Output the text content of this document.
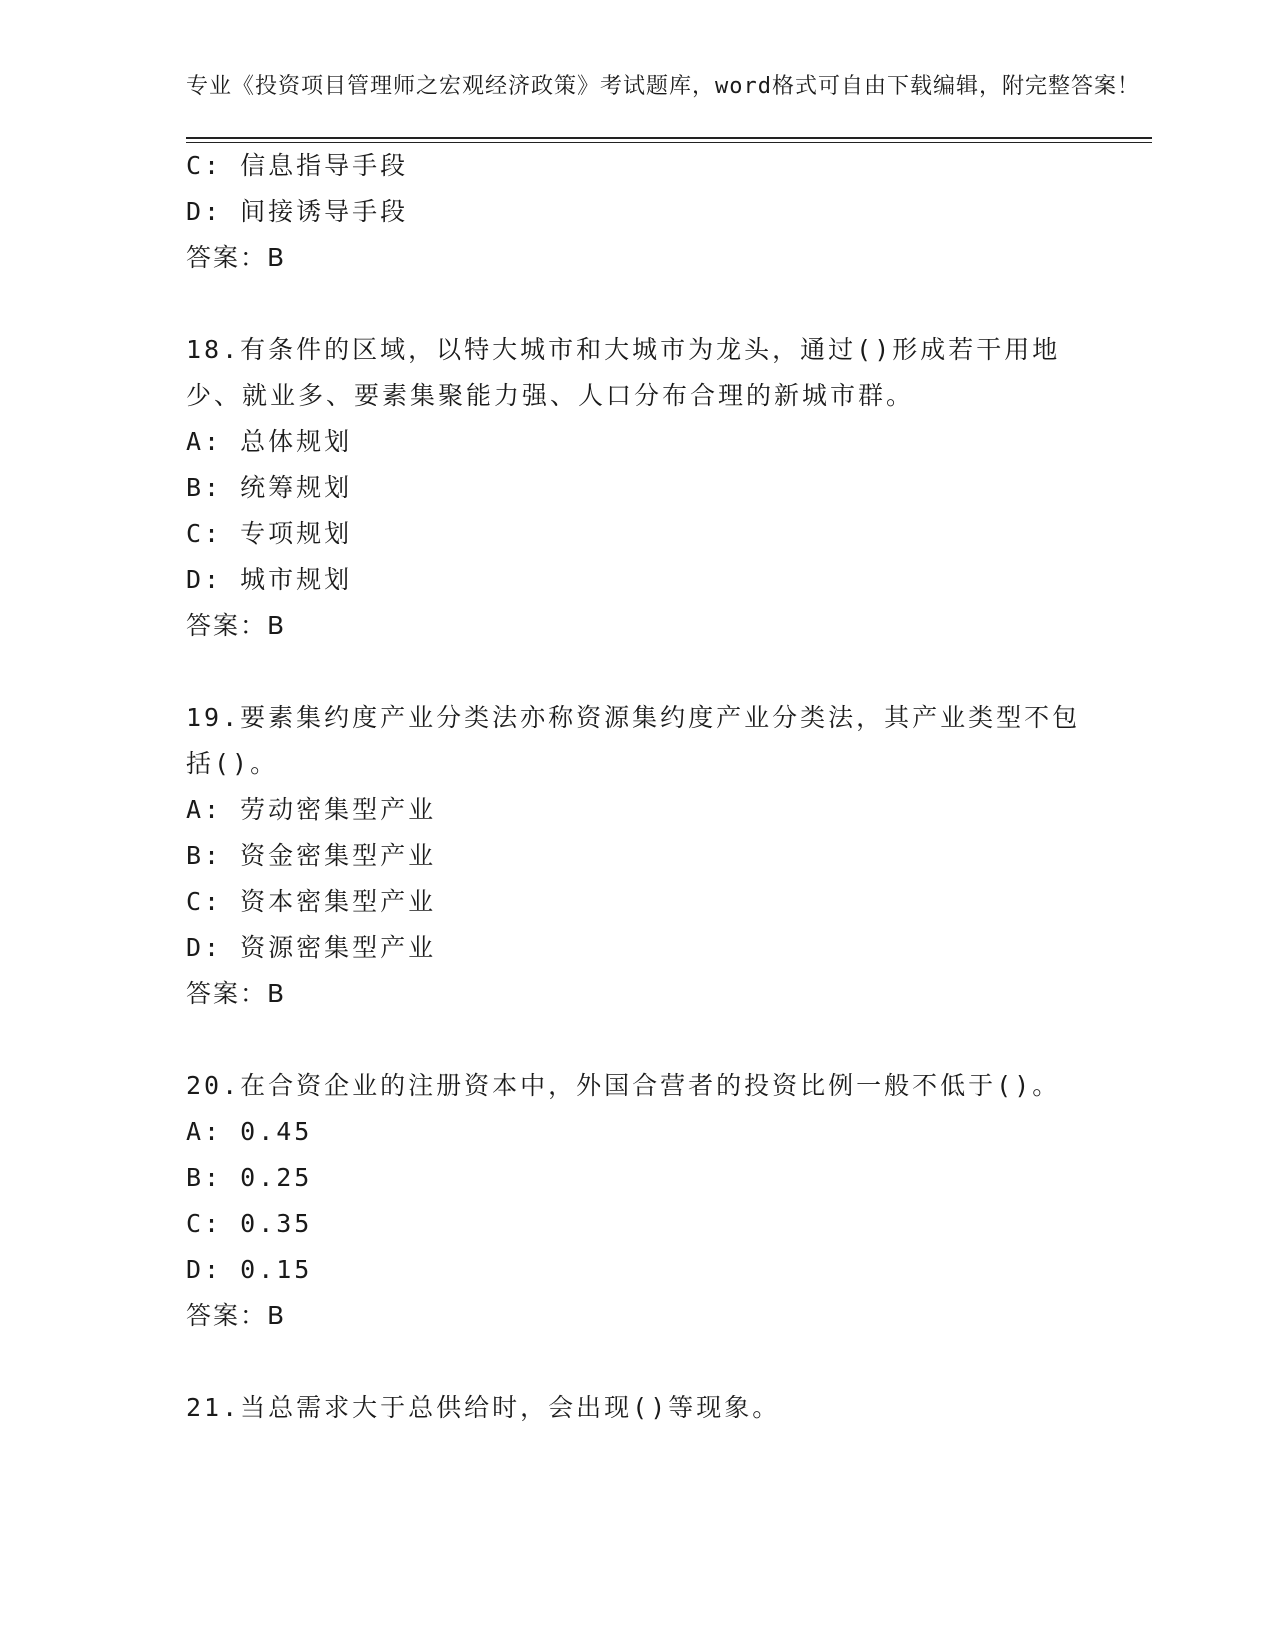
专业《投资项目管理师之宏观经济政策》考试题库，word格式可自由下载编辑，附完整答案！

C: 信息指导手段

D: 间接诱导手段

答案：B

18.有条件的区域，以特大城市和大城市为龙头，通过()形成若干用地少、就业多、要素集聚能力强、人口分布合理的新城市群。

A: 总体规划

B: 统筹规划

C: 专项规划

D: 城市规划

答案：B

19.要素集约度产业分类法亦称资源集约度产业分类法，其产业类型不包括()。

A: 劳动密集型产业

B: 资金密集型产业

C: 资本密集型产业

D: 资源密集型产业

答案：B

20.在合资企业的注册资本中，外国合营者的投资比例一般不低于()。

A: 0.45

B: 0.25

C: 0.35

D: 0.15

答案：B

21.当总需求大于总供给时，会出现()等现象。
